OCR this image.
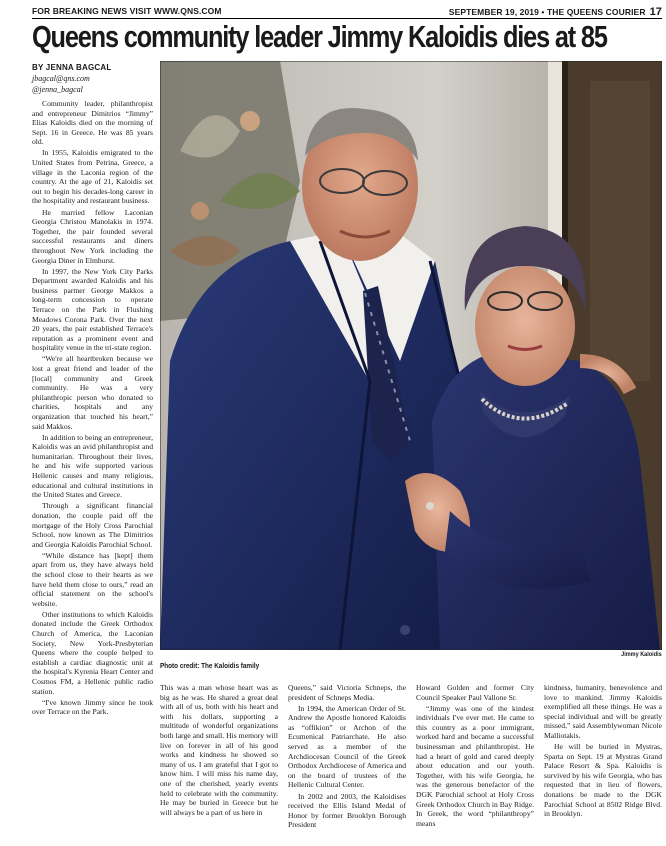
FOR BREAKING NEWS VISIT WWW.QNS.COM	SEPTEMBER 19, 2019 • THE QUEENS COURIER 17
Queens community leader Jimmy Kaloidis dies at 85
BY JENNA BAGCAL
jbagcal@qns.com
@jenna_bagcal

Community leader, philanthropist and entrepreneur Dimitrios “Jimmy” Elias Kaloidis died on the morning of Sept. 16 in Greece. He was 85 years old.

In 1955, Kaloidis emigrated to the United States from Petrina, Greece, a village in the Laconia region of the country. At the age of 21, Kaloidis set out to begin his decades-long career in the hospitality and restaurant business.

He married fellow Laconian Georgia Christou Manolakis in 1974. Together, the pair founded several successful restaurants and diners throughout New York including the Georgia Diner in Elmhurst.

In 1997, the New York City Parks Department awarded Kaloidis and his business partner George Makkos a long-term concession to operate Terrace on the Park in Flushing Meadows Corona Park. Over the next 20 years, the pair established Terrace's reputation as a prominent event and hospitality venue in the tri-state region.

“We're all heartbroken because we lost a great friend and leader of the [local] community and Greek community. He was a very philanthropic person who donated to charities, hospitals and any organization that touched his heart,” said Makkos.

In addition to being an entrepreneur, Kaloidis was an avid philanthropist and humanitarian. Throughout their lives, he and his wife supported various Hellenic causes and many religious, educational and cultural institutions in the United States and Greece.

Through a significant financial donation, the couple paid off the mortgage of the Holy Cross Parochial School, now known as The Dimitrios and Georgia Kaloidis Parochial School.

“While distance has [kept] them apart from us, they have always held the school close to their hearts as we have held them close to ours,” read an official statement on the school's website.

Other institutions to which Kaloidis donated include the Greek Orthodox Church of America, the Laconian Society, New York-Presbyterian Queens where the couple helped to establish a cardiac diagnostic unit at the hospital's Kyrenia Heart Center and Cosmos FM, a Hellenic public radio station.

“I've known Jimmy since he took over Terrace on the Park.

Jimmy Kaloidis
Photo credit: The Kaloidis family

This was a man whose heart was as big as he was. He shared a great deal with all of us, both with his heart and with his dollars, supporting a multitude of wonderful organizations both large and small. His memory will live on forever in all of his good works and kindness he showed so many of us. I am grateful that I got to know him. I will miss his name day, one of the cherished, yearly events held to celebrate with the community. He may be buried in Greece but he will always be a part of us here in

Queens,” said Victoria Schneps, the president of Schneps Media.

In 1994, the American Order of St. Andrew the Apostle honored Kaloidis as “offikion” or Archon of the Ecumenical Patriarchate. He also served as a member of the Archdiocesan Council of the Greek Orthodox Archdiocese of America and on the board of trustees of the Hellenic Cultural Center.

In 2002 and 2003, the Kaloidises received the Ellis Island Medal of Honor by former Brooklyn Borough President

Howard Golden and former City Council Speaker Paul Vallone Sr.

“Jimmy was one of the kindest individuals I've ever met. He came to this country as a poor immigrant, worked hard and became a successful businessman and philanthropist. He had a heart of gold and cared deeply about education and our youth. Together, with his wife Georgia, he was the generous benefactor of the DGK Parochial school at Holy Cross Greek Orthodox Church in Bay Ridge. In Greek, the word “philanthropy” means

kindness, humanity, benevolence and love to mankind. Jimmy Kaloidis exemplified all these things. He was a special individual and will be greatly missed,” said Assemblywoman Nicole Malliotakis.

He will be buried in Mystras, Sparta on Sept. 19 at Mystras Grand Palace Resort & Spa. Kaloidis is survived by his wife Georgia, who has requested that in lieu of flowers, donations be made to the DGK Parochial School at 8502 Ridge Blvd. in Brooklyn.
